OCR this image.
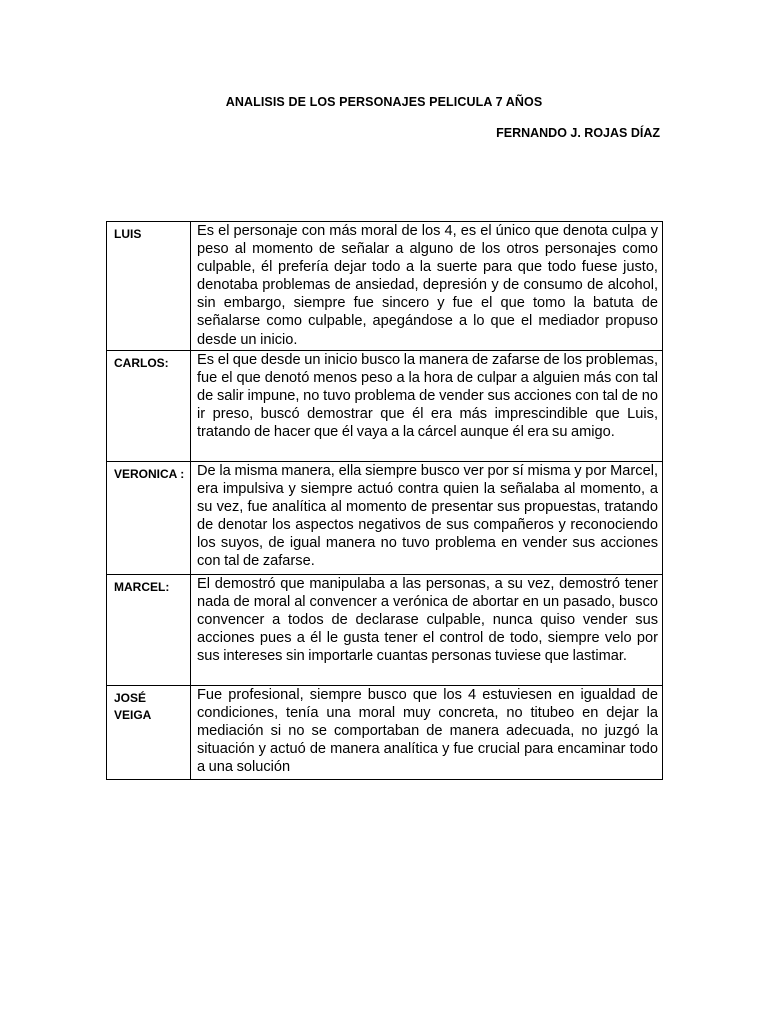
ANALISIS DE LOS PERSONAJES PELICULA 7 AÑOS
FERNANDO J. ROJAS DÍAZ
LUIS	Es el personaje con más moral de los 4, es el único que denota culpa y peso al momento de señalar a alguno de los otros personajes como culpable, él prefería dejar todo a la suerte para que todo fuese justo, denotaba problemas de ansiedad, depresión y de consumo de alcohol, sin embargo, siempre fue sincero y fue el que tomo la batuta de señalarse como culpable, apegándose a lo que el mediador propuso desde un inicio.
CARLOS:	Es el que desde un inicio busco la manera de zafarse de los problemas, fue el que denotó menos peso a la hora de culpar a alguien más con tal de salir impune, no tuvo problema de vender sus acciones con tal de no ir preso, buscó demostrar que él era más imprescindible que Luis, tratando de hacer que él vaya a la cárcel aunque él era su amigo.
VERONICA :	De la misma manera, ella siempre busco ver por sí misma y por Marcel, era impulsiva y siempre actuó contra quien la señalaba al momento, a su vez, fue analítica al momento de presentar sus propuestas, tratando de denotar los aspectos negativos de sus compañeros y reconociendo los suyos, de igual manera no tuvo problema en vender sus acciones con tal de zafarse.
MARCEL:	El demostró que manipulaba a las personas, a su vez, demostró tener nada de moral al convencer a verónica de abortar en un pasado, busco convencer a todos de declarase culpable, nunca quiso vender sus acciones pues a él le gusta tener el control de todo, siempre velo por sus intereses sin importarle cuantas personas tuviese que lastimar.
JOSÉ VEIGA	Fue profesional, siempre busco que los 4 estuviesen en igualdad de condiciones, tenía una moral muy concreta, no titubeo en dejar la mediación si no se comportaban de manera adecuada, no juzgó la situación y actuó de manera analítica y fue crucial para encaminar todo a una solución
